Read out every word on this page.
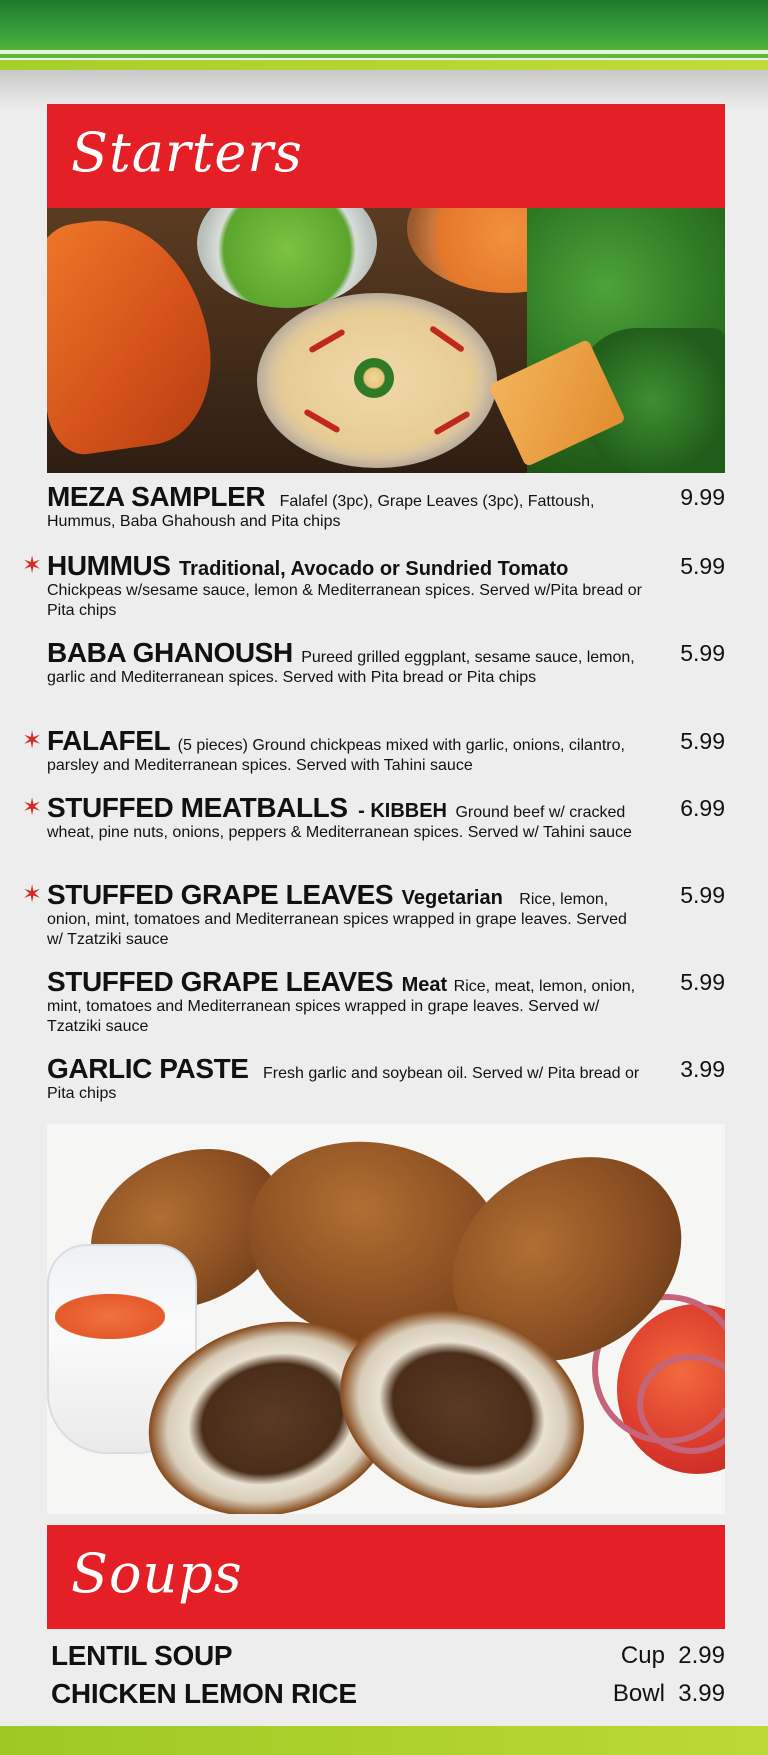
Starters
MEZA SAMPLER Falafel (3pc), Grape Leaves (3pc), Fattoush, Hummus, Baba Ghahoush and Pita chips
9.99
✶ HUMMUS Traditional, Avocado or Sundried Tomato
Chickpeas w/sesame sauce, lemon & Mediterranean spices. Served w/Pita bread or Pita chips
5.99
BABA GHANOUSH Pureed grilled eggplant, sesame sauce, lemon, garlic and Mediterranean spices. Served with Pita bread or Pita chips
5.99
✶ FALAFEL (5 pieces) Ground chickpeas mixed with garlic, onions, cilantro, parsley and Mediterranean spices. Served with Tahini sauce
5.99
✶ STUFFED MEATBALLS - KIBBEH Ground beef w/ cracked wheat, pine nuts, onions, peppers & Mediterranean spices. Served w/ Tahini sauce
6.99
✶ STUFFED GRAPE LEAVES Vegetarian Rice, lemon, onion, mint, tomatoes and Mediterranean spices wrapped in grape leaves. Served w/ Tzatziki sauce
5.99
STUFFED GRAPE LEAVES Meat Rice, meat, lemon, onion, mint, tomatoes and Mediterranean spices wrapped in grape leaves. Served w/ Tzatziki sauce
5.99
GARLIC PASTE Fresh garlic and soybean oil. Served w/ Pita bread or Pita chips
3.99
Soups
LENTIL SOUP	Cup 2.99
CHICKEN LEMON RICE	Bowl 3.99
